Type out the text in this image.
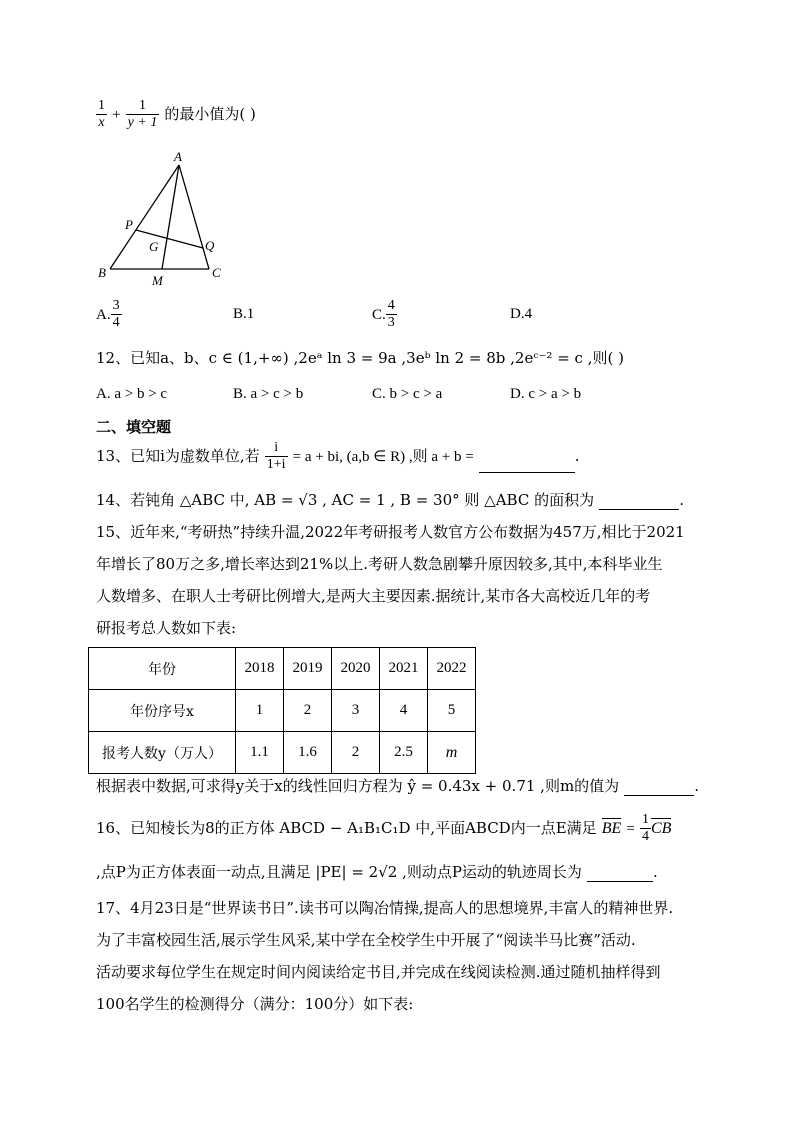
$\frac{1}{x} + \frac{1}{y + 1}$ 的最小值为( )
A
P
G	Q
B
M
C
A. $\frac{3}{4}$	B.1	C. $\frac{4}{3}$	D.4
12、已知a、b、c ∈ (1,+∞) ,2eᵃ ln 3 = 9a ,3eᵇ ln 2 = 8b ,2eᶜ⁻² = c ,则( )
A. a > b > c	B. a > c > b	C. b > c > a	D. c > a > b
二、填空题
13、已知i为虚数单位,若 $\frac{i}{1+i} = a$ + bi, (a,b ∈ R) ,则 a + b =	.
14、若钝角 △ABC 中, AB = √3 , AC = 1 , B = 30° 则 △ABC 的面积为	.
15、近年来,“考研热”持续升温,2022年考研报考人数官方公布数据为457万,相比于2021
年增长了80万之多,增长率达到21%以上.考研人数急剧攀升原因较多,其中,本科毕业生
人数增多、在职人士考研比例增大,是两大主要因素.据统计,某市各大高校近几年的考
研报考总人数如下表:
年份	2018	2019	2020	2021	2022
年份序号x	1	2	3	4	5
报考人数y（万人）	1.1	1.6	2	2.5	m
根据表中数据,可求得y关于x的线性回归方程为 ŷ = 0.43x + 0.71 ,则m的值为	.
16、已知棱长为8的正方体 ABCD − A₁B₁C₁D 中,平面ABCD内一点E满足 BE = $\frac{1}{4}$ CB
,点P为正方体表面一动点,且满足 |PE| = 2√2 ,则动点P运动的轨迹周长为	.
17、4月23日是“世界读书日”.读书可以陶冶情操,提高人的思想境界,丰富人的精神世界.
为了丰富校园生活,展示学生风采,某中学在全校学生中开展了“阅读半马比赛”活动.
活动要求每位学生在规定时间内阅读给定书目,并完成在线阅读检测.通过随机抽样得到
100名学生的检测得分（满分：100分）如下表:
